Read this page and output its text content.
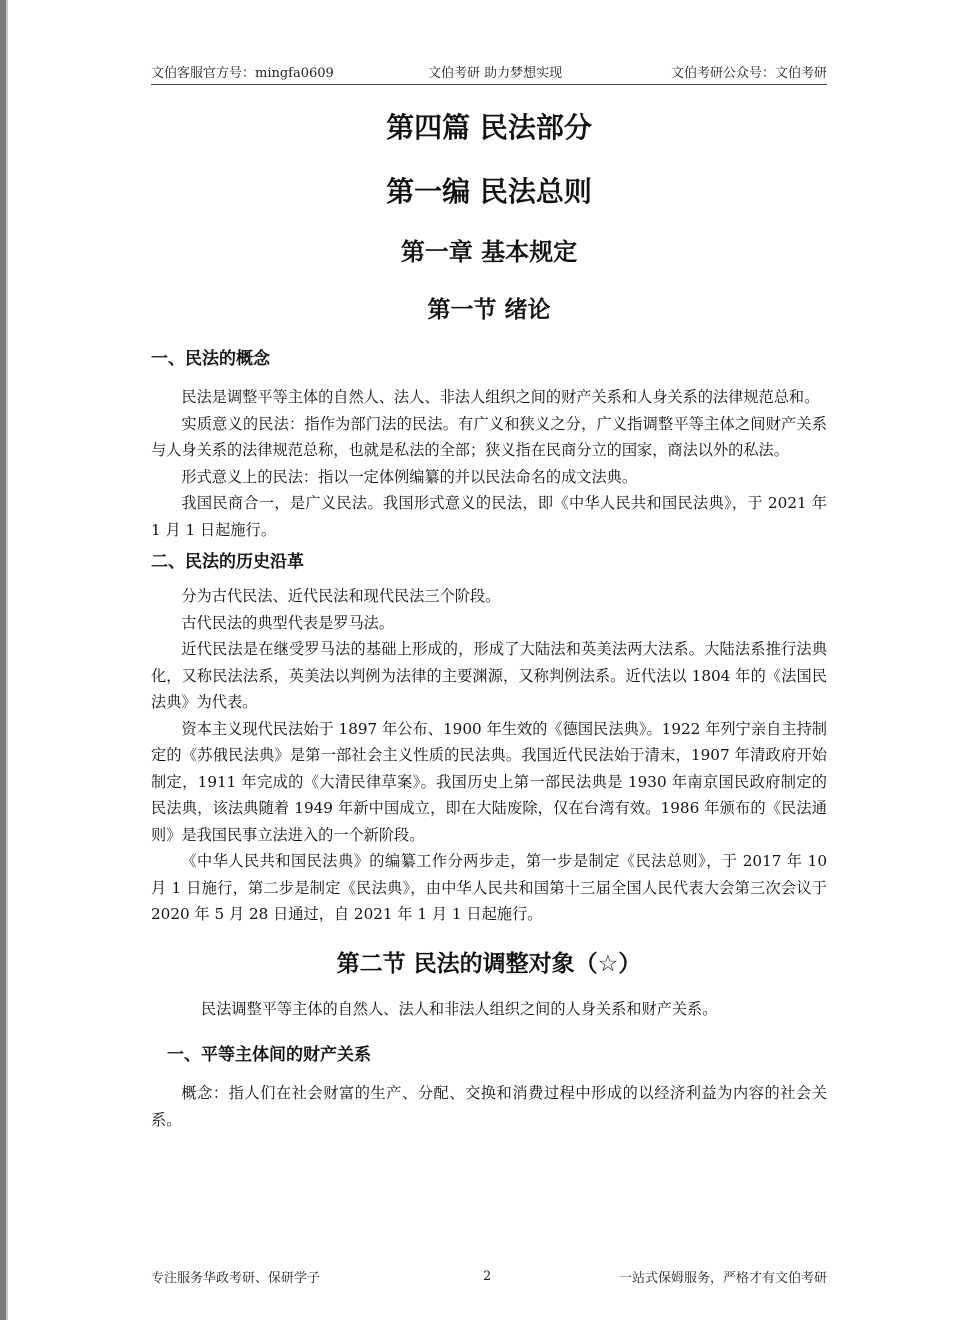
文伯客服官方号：mingfa0609	文伯考研 助力梦想实现	文伯考研公众号：文伯考研
第四篇 民法部分
第一编 民法总则
第一章 基本规定
第一节 绪论
一、民法的概念

民法是调整平等主体的自然人、法人、非法人组织之间的财产关系和人身关系的法律规范总和。

实质意义的民法：指作为部门法的民法。有广义和狭义之分，广义指调整平等主体之间财产关系与人身关系的法律规范总称，也就是私法的全部；狭义指在民商分立的国家，商法以外的私法。

形式意义上的民法：指以一定体例编纂的并以民法命名的成文法典。

我国民商合一，是广义民法。我国形式意义的民法，即《中华人民共和国民法典》，于 2021 年 1 月 1 日起施行。

二、民法的历史沿革

分为古代民法、近代民法和现代民法三个阶段。

古代民法的典型代表是罗马法。

近代民法是在继受罗马法的基础上形成的，形成了大陆法和英美法两大法系。大陆法系推行法典化，又称民法法系，英美法以判例为法律的主要渊源，又称判例法系。近代法以 1804 年的《法国民法典》为代表。

资本主义现代民法始于 1897 年公布、1900 年生效的《德国民法典》。1922 年列宁亲自主持制定的《苏俄民法典》是第一部社会主义性质的民法典。我国近代民法始于清末，1907 年清政府开始制定，1911 年完成的《大清民律草案》。我国历史上第一部民法典是 1930 年南京国民政府制定的民法典，该法典随着 1949 年新中国成立，即在大陆废除，仅在台湾有效。1986 年颁布的《民法通则》是我国民事立法进入的一个新阶段。

《中华人民共和国民法典》的编纂工作分两步走，第一步是制定《民法总则》，于 2017 年 10 月 1 日施行，第二步是制定《民法典》，由中华人民共和国第十三届全国人民代表大会第三次会议于 2020 年 5 月 28 日通过，自 2021 年 1 月 1 日起施行。

第二节 民法的调整对象（☆）

民法调整平等主体的自然人、法人和非法人组织之间的人身关系和财产关系。

一、平等主体间的财产关系

概念：指人们在社会财富的生产、分配、交换和消费过程中形成的以经济利益为内容的社会关系。

专注服务华政考研、保研学子	2	一站式保姆服务，严格才有文伯考研
